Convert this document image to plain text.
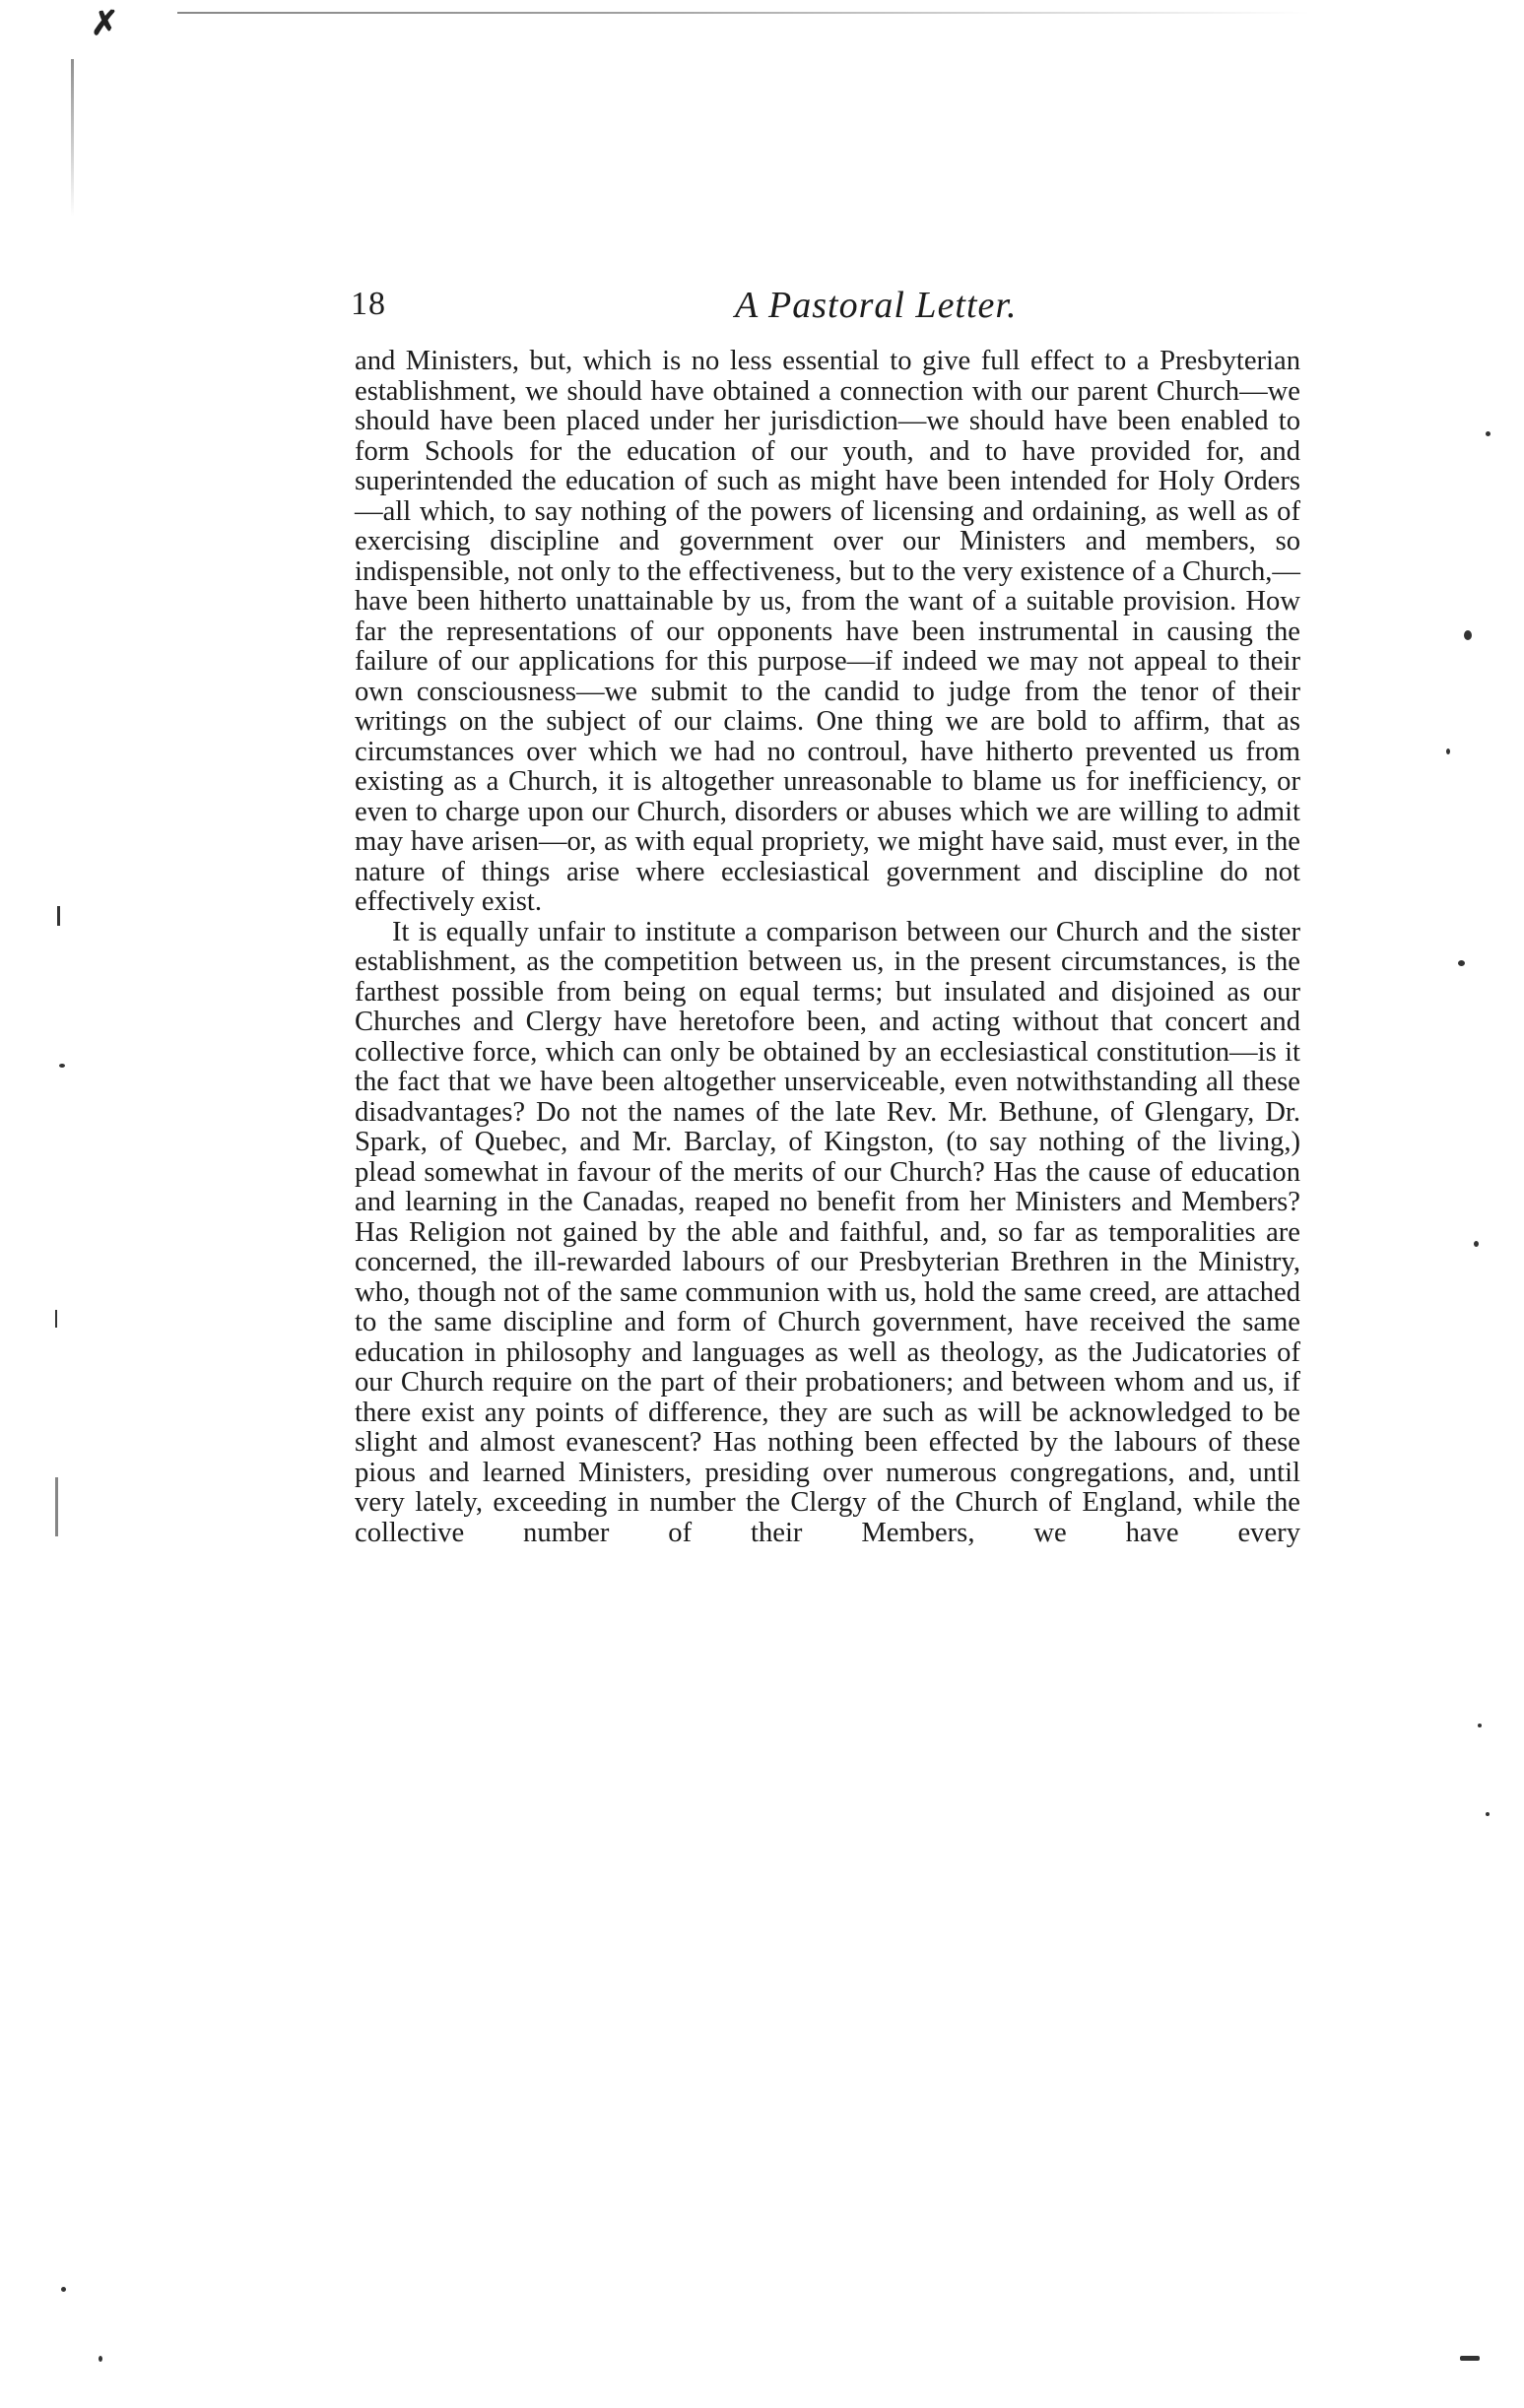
✗
18	A Pastoral Letter.

and Ministers, but, which is no less essential to give full effect to a Presbyterian establishment, we should have obtained a connection with our parent Church—we should have been placed under her jurisdiction—we should have been enabled to form Schools for the education of our youth, and to have provided for, and superintended the education of such as might have been intended for Holy Orders—all which, to say nothing of the powers of licensing and ordaining, as well as of exercising discipline and government over our Ministers and members, so indispensible, not only to the effectiveness, but to the very existence of a Church,—have been hitherto unattainable by us, from the want of a suitable provision. How far the representations of our opponents have been instrumental in causing the failure of our applications for this purpose—if indeed we may not appeal to their own consciousness—we submit to the candid to judge from the tenor of their writings on the subject of our claims. One thing we are bold to affirm, that as circumstances over which we had no controul, have hitherto prevented us from existing as a Church, it is altogether unreasonable to blame us for inefficiency, or even to charge upon our Church, disorders or abuses which we are willing to admit may have arisen—or, as with equal propriety, we might have said, must ever, in the nature of things arise where ecclesiastical government and discipline do not effectively exist.

It is equally unfair to institute a comparison between our Church and the sister establishment, as the competition between us, in the present circumstances, is the farthest possible from being on equal terms; but insulated and disjoined as our Churches and Clergy have heretofore been, and acting without that concert and collective force, which can only be obtained by an ecclesiastical constitution—is it the fact that we have been altogether unserviceable, even notwithstanding all these disadvantages? Do not the names of the late Rev. Mr. Bethune, of Glengary, Dr. Spark, of Quebec, and Mr. Barclay, of Kingston, (to say nothing of the living,) plead somewhat in favour of the merits of our Church? Has the cause of education and learning in the Canadas, reaped no benefit from her Ministers and Members? Has Religion not gained by the able and faithful, and, so far as temporalities are concerned, the ill-rewarded labours of our Presbyterian Brethren in the Ministry, who, though not of the same communion with us, hold the same creed, are attached to the same discipline and form of Church government, have received the same education in philosophy and languages as well as theology, as the Judicatories of our Church require on the part of their probationers; and between whom and us, if there exist any points of difference, they are such as will be acknowledged to be slight and almost evanescent? Has nothing been effected by the labours of these pious and learned Ministers, presiding over numerous congregations, and, until very lately, exceeding in number the Clergy of the Church of England, while the collective number of their Members, we have every
